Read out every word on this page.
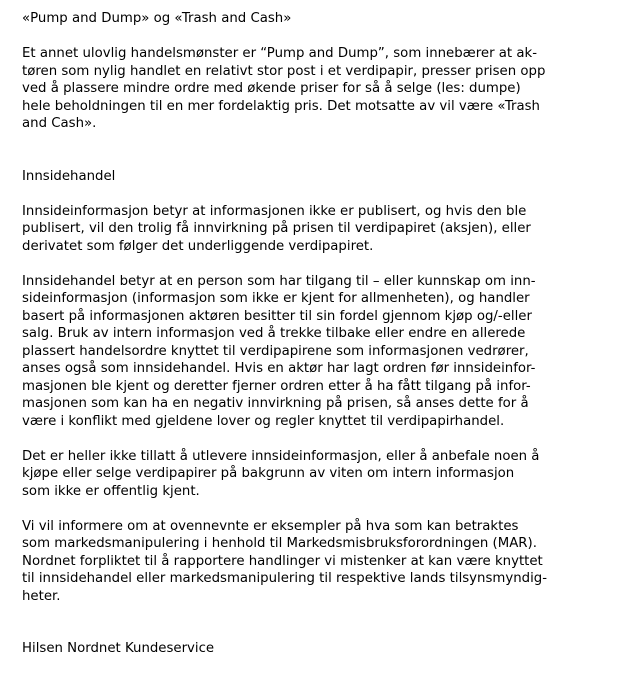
«Pump and Dump» og «Trash and Cash»
Et annet ulovlig handelsmønster er “Pump and Dump”, som innebærer at ak-
tøren som nylig handlet en relativt stor post i et verdipapir, presser prisen opp
ved å plassere mindre ordre med økende priser for så å selge (les: dumpe)
hele beholdningen til en mer fordelaktig pris. Det motsatte av vil være «Trash
and Cash».
Innsidehandel
Innsideinformasjon betyr at informasjonen ikke er publisert, og hvis den ble
publisert, vil den trolig få innvirkning på prisen til verdipapiret (aksjen), eller
derivatet som følger det underliggende verdipapiret.
Innsidehandel betyr at en person som har tilgang til – eller kunnskap om inn-
sideinformasjon (informasjon som ikke er kjent for allmenheten), og handler
basert på informasjonen aktøren besitter til sin fordel gjennom kjøp og/-eller
salg. Bruk av intern informasjon ved å trekke tilbake eller endre en allerede
plassert handelsordre knyttet til verdipapirene som informasjonen vedrører,
anses også som innsidehandel. Hvis en aktør har lagt ordren før innsideinfor-
masjonen ble kjent og deretter fjerner ordren etter å ha fått tilgang på infor-
masjonen som kan ha en negativ innvirkning på prisen, så anses dette for å
være i konflikt med gjeldene lover og regler knyttet til verdipapirhandel.
Det er heller ikke tillatt å utlevere innsideinformasjon, eller å anbefale noen å
kjøpe eller selge verdipapirer på bakgrunn av viten om intern informasjon
som ikke er offentlig kjent.
Vi vil informere om at ovennevnte er eksempler på hva som kan betraktes
som markedsmanipulering i henhold til Markedsmisbruksforordningen (MAR).
Nordnet forpliktet til å rapportere handlinger vi mistenker at kan være knyttet
til innsidehandel eller markedsmanipulering til respektive lands tilsynsmyndig-
heter.
Hilsen Nordnet Kundeservice
